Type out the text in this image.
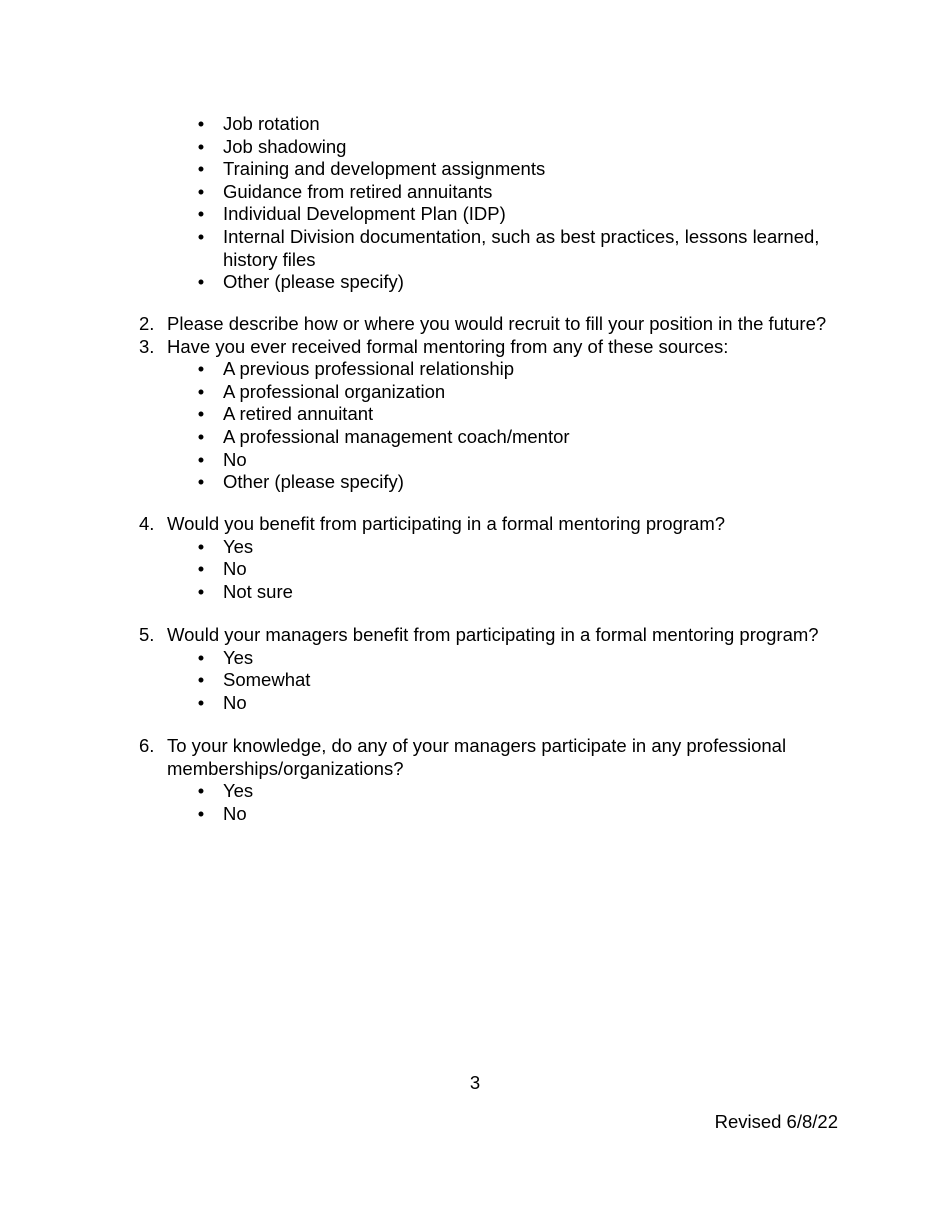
• Job rotation
• Job shadowing
• Training and development assignments
• Guidance from retired annuitants
• Individual Development Plan (IDP)
• Internal Division documentation, such as best practices, lessons learned,
history files
• Other (please specify)
2. Please describe how or where you would recruit to fill your position in the future?
3. Have you ever received formal mentoring from any of these sources:
• A previous professional relationship
• A professional organization
• A retired annuitant
• A professional management coach/mentor
• No
• Other (please specify)
4. Would you benefit from participating in a formal mentoring program?
• Yes
• No
• Not sure
5. Would your managers benefit from participating in a formal mentoring program?
• Yes
• Somewhat
• No
6. To your knowledge, do any of your managers participate in any professional
memberships/organizations?
• Yes
• No
3
Revised 6/8/22
